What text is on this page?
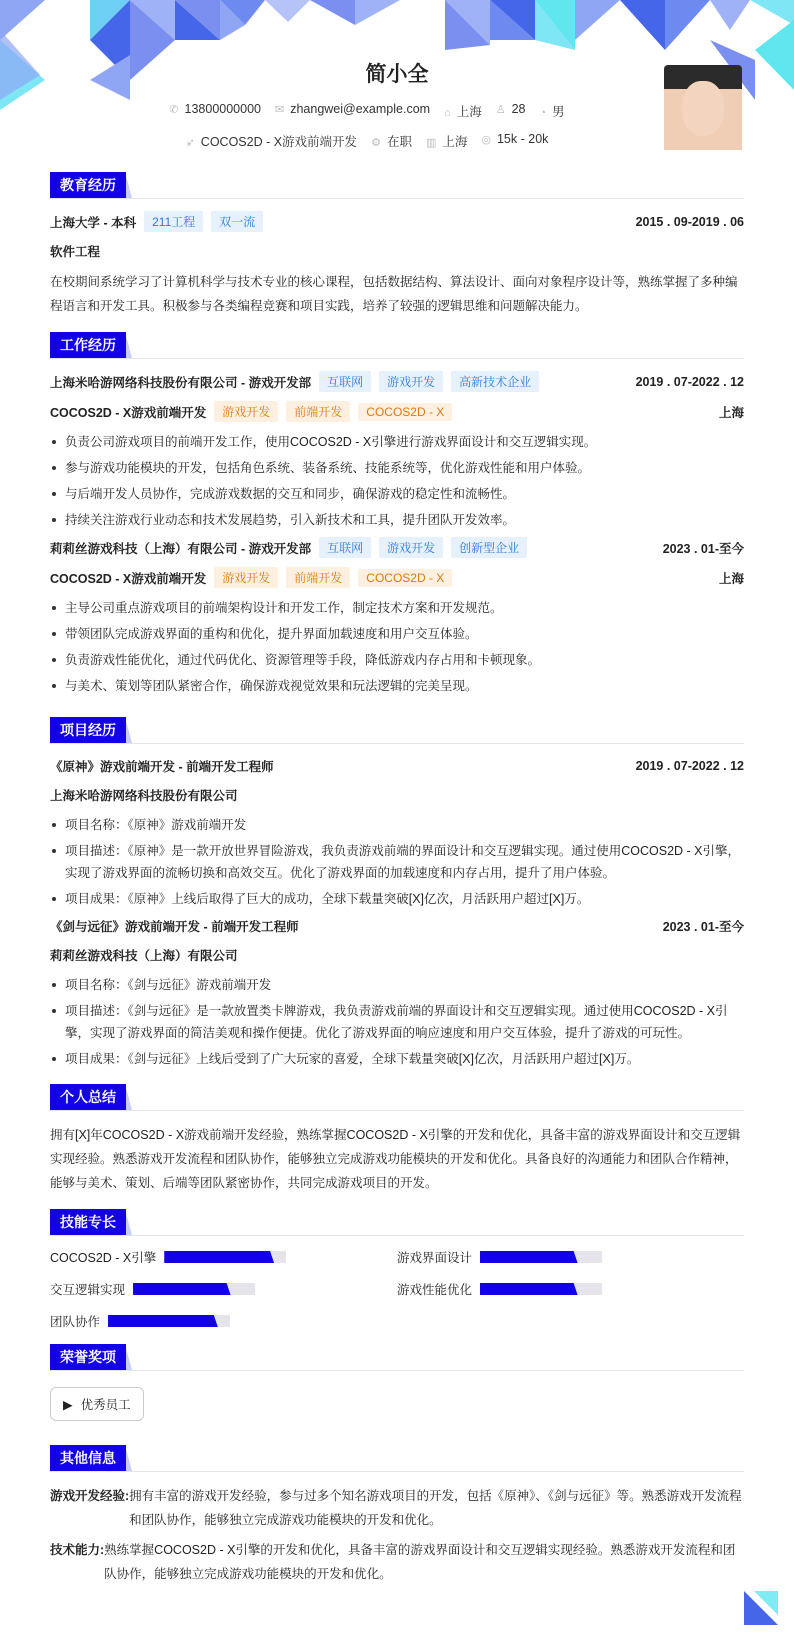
简小全
✆ 13800000000 ✉ zhangwei@example.com ⌂ 上海 ♙ 28 ◔ 男
➶ COCOS2D - X游戏前端开发 ⚙ 在职 ▥ 上海 ◎ 15k - 20k
教育经历
上海大学 - 本科	211工程	双一流	2015 . 09-2019 . 06
软件工程

在校期间系统学习了计算机科学与技术专业的核心课程，包括数据结构、算法设计、面向对象程序设计等，熟练掌握了多种编程语言和开发工具。积极参与各类编程竞赛和项目实践，培养了较强的逻辑思维和问题解决能力。

工作经历
上海米哈游网络科技股份有限公司 - 游戏开发部	互联网	游戏开发	高新技术企业	2019 . 07-2022 . 12
COCOS2D - X游戏前端开发	游戏开发	前端开发	COCOS2D - X	上海
负责公司游戏项目的前端开发工作，使用COCOS2D - X引擎进行游戏界面设计和交互逻辑实现。
参与游戏功能模块的开发，包括角色系统、装备系统、技能系统等，优化游戏性能和用户体验。
与后端开发人员协作，完成游戏数据的交互和同步，确保游戏的稳定性和流畅性。
持续关注游戏行业动态和技术发展趋势，引入新技术和工具，提升团队开发效率。
莉莉丝游戏科技（上海）有限公司 - 游戏开发部	互联网	游戏开发	创新型企业	2023 . 01-至今
COCOS2D - X游戏前端开发	游戏开发	前端开发	COCOS2D - X	上海
主导公司重点游戏项目的前端架构设计和开发工作，制定技术方案和开发规范。
带领团队完成游戏界面的重构和优化，提升界面加载速度和用户交互体验。
负责游戏性能优化，通过代码优化、资源管理等手段，降低游戏内存占用和卡顿现象。
与美术、策划等团队紧密合作，确保游戏视觉效果和玩法逻辑的完美呈现。
项目经历
《原神》游戏前端开发 - 前端开发工程师	2019 . 07-2022 . 12
上海米哈游网络科技股份有限公司
项目名称：《原神》游戏前端开发
项目描述：《原神》是一款开放世界冒险游戏，我负责游戏前端的界面设计和交互逻辑实现。通过使用COCOS2D - X引擎，实现了游戏界面的流畅切换和高效交互。优化了游戏界面的加载速度和内存占用，提升了用户体验。
项目成果：《原神》上线后取得了巨大的成功，全球下载量突破[X]亿次，月活跃用户超过[X]万。
《剑与远征》游戏前端开发 - 前端开发工程师	2023 . 01-至今
莉莉丝游戏科技（上海）有限公司
项目名称：《剑与远征》游戏前端开发
项目描述：《剑与远征》是一款放置类卡牌游戏，我负责游戏前端的界面设计和交互逻辑实现。通过使用COCOS2D - X引擎，实现了游戏界面的简洁美观和操作便捷。优化了游戏界面的响应速度和用户交互体验，提升了游戏的可玩性。
项目成果：《剑与远征》上线后受到了广大玩家的喜爱，全球下载量突破[X]亿次，月活跃用户超过[X]万。
个人总结

拥有[X]年COCOS2D - X游戏前端开发经验，熟练掌握COCOS2D - X引擎的开发和优化，具备丰富的游戏界面设计和交互逻辑实现经验。熟悉游戏开发流程和团队协作，能够独立完成游戏功能模块的开发和优化。具备良好的沟通能力和团队合作精神，能够与美术、策划、后端等团队紧密协作，共同完成游戏项目的开发。

技能专长
COCOS2D - X引擎	游戏界面设计
交互逻辑实现	游戏性能优化
团队协作
荣誉奖项
▶ 优秀员工
其他信息
游戏开发经验: 拥有丰富的游戏开发经验，参与过多个知名游戏项目的开发，包括《原神》、《剑与远征》等。熟悉游戏开发流程和团队协作，能够独立完成游戏功能模块的开发和优化。
技术能力: 熟练掌握COCOS2D - X引擎的开发和优化，具备丰富的游戏界面设计和交互逻辑实现经验。熟悉游戏开发流程和团队协作，能够独立完成游戏功能模块的开发和优化。
